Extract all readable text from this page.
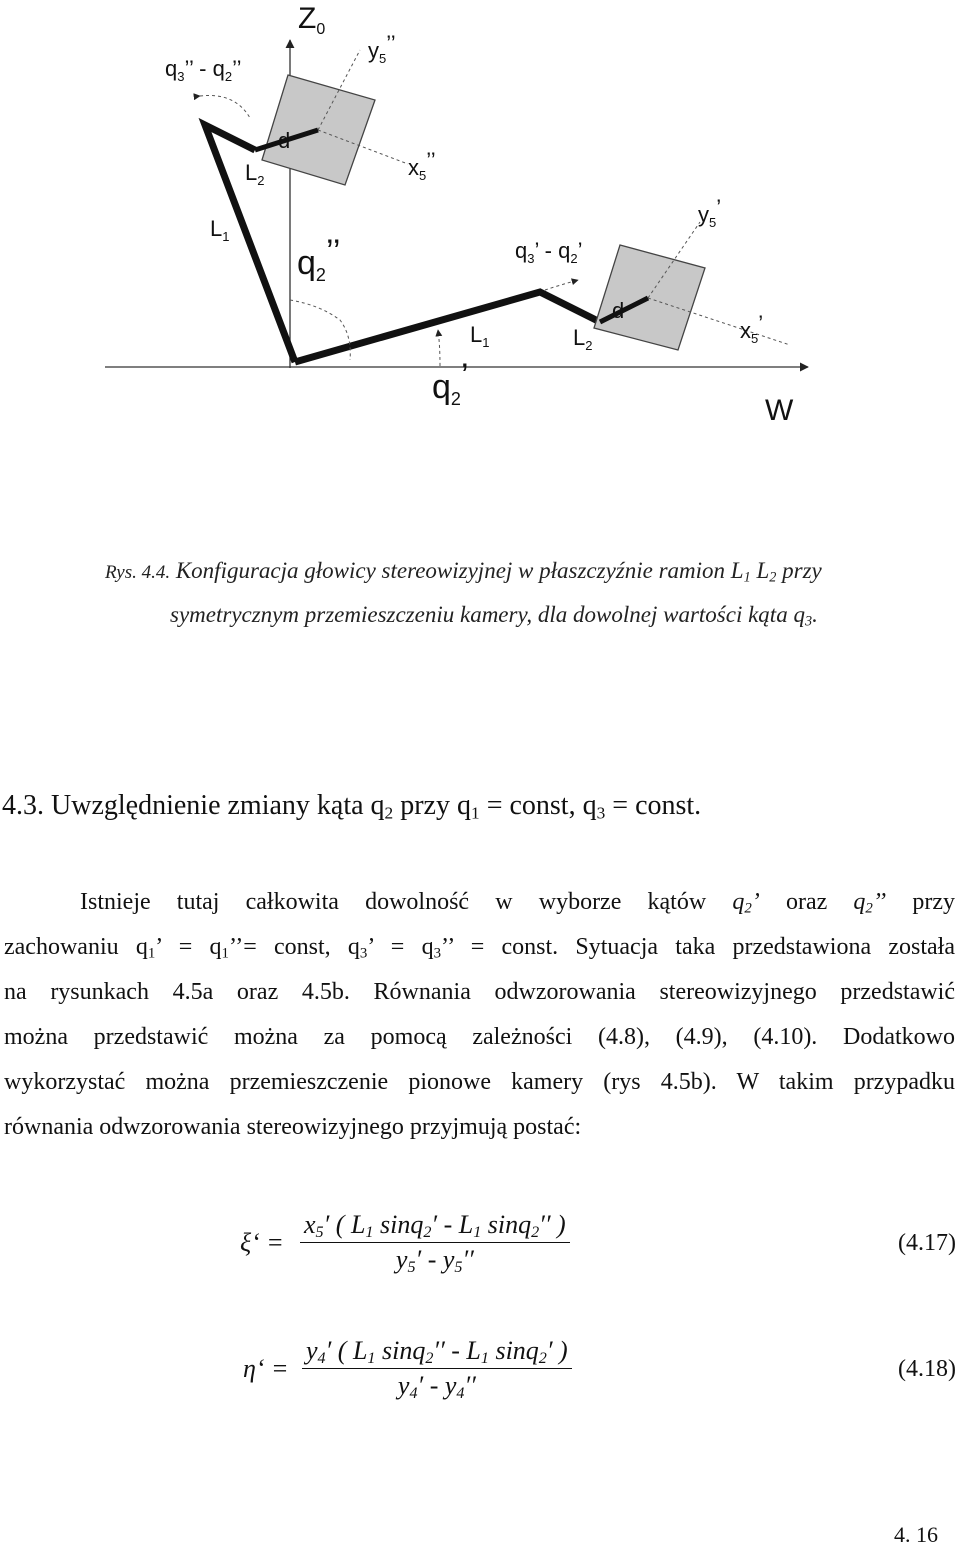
$Z_0$
$y_5$’’
$q_3$’’ - $q_2$’’
d
$L_2$
$x_5$’’
$L_1$
$q_2$’’
$y_5$’
$q_3$’ - $q_2$’
d
$L_1$	$L_2$
$x_5$’
$q_2$’
W
Rys. 4.4. Konfiguracja głowicy stereowizyjnej w płaszczyźnie ramion $L_1$ $L_2$ przy
symetrycznym przemieszczeniu kamery, dla dowolnej wartości kąta $q_3$.
4.3. Uwzględnienie zmiany kąta $q_2$ przy $q_1$ = const, $q_3$ = const.
Istnieje tutaj całkowita dowolność w wyborze kątów $q_2$’ oraz $q_2$’’ przy
zachowaniu $q_1$’ = $q_1’’=$ const, $q_3$’ = $q_3$’’ = const. Sytuacja taka przedstawiona została
na rysunkach 4.5a oraz 4.5b. Równania odwzorowania stereowizyjnego przedstawić
można przedstawić można za pomocą zależności (4.8), (4.9), (4.10). Dodatkowo
wykorzystać można przemieszczenie pionowe kamery (rys 4.5b). W takim przypadku
równania odwzorowania stereowizyjnego przyjmują postać:
ξ‘ = $\frac{x_5' ( L_1 \sin q_2' - L_1 \sin q_2'' )}{y_5' - y_5''}$	(4.17)
η‘ = $\frac{y_4' ( L_1 \sin q_2'' - L_1 \sin q_2' )}{y_4' - y_4''}$	(4.18)
4. 16
